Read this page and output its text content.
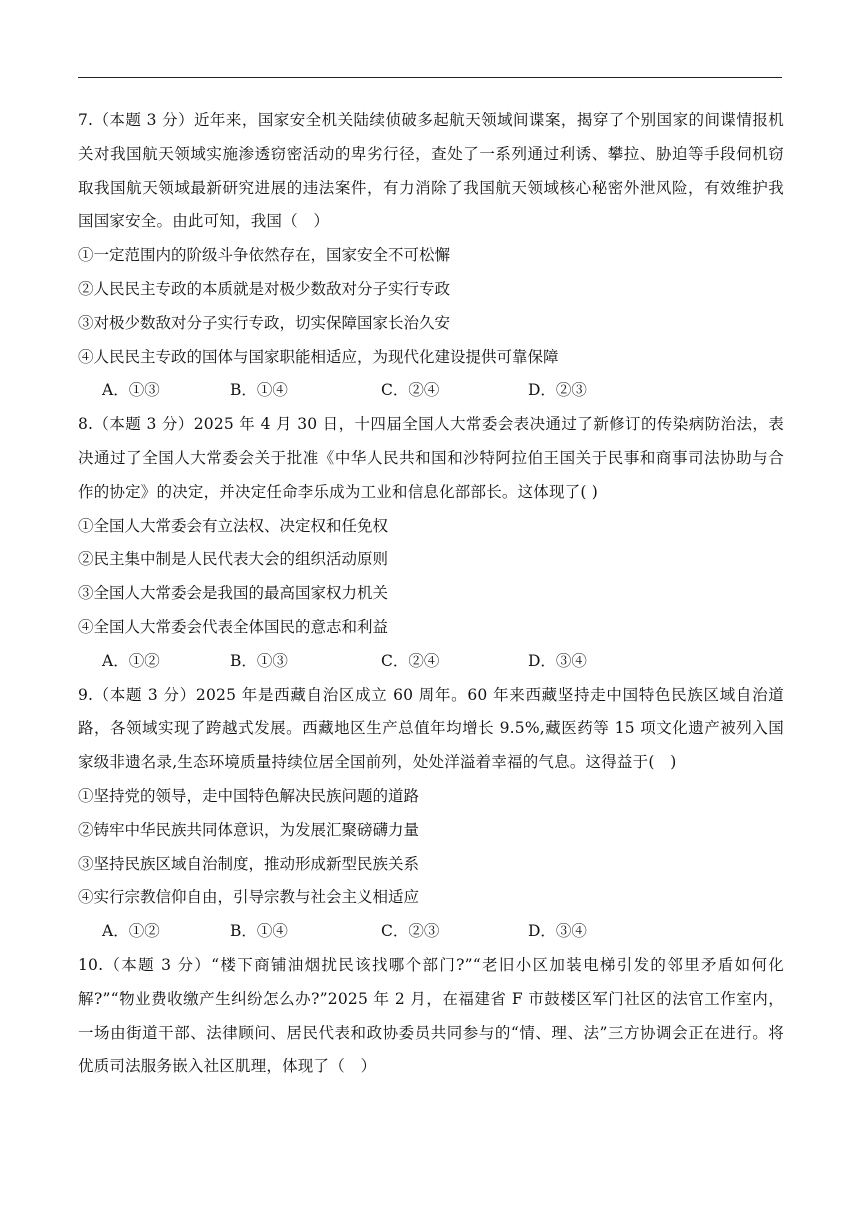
7.（本题 3 分）近年来，国家安全机关陆续侦破多起航天领域间谍案，揭穿了个别国家的间谍情报机关对我国航天领域实施渗透窃密活动的卑劣行径，查处了一系列通过利诱、攀拉、胁迫等手段伺机窃取我国航天领域最新研究进展的违法案件，有力消除了我国航天领域核心秘密外泄风险，有效维护我国国家安全。由此可知，我国（　）

①一定范围内的阶级斗争依然存在，国家安全不可松懈

②人民民主专政的本质就是对极少数敌对分子实行专政

③对极少数敌对分子实行专政，切实保障国家长治久安

④人民民主专政的国体与国家职能相适应，为现代化建设提供可靠保障

A．①③	B．①④	C．②④	D．②③

8.（本题 3 分）2025 年 4 月 30 日，十四届全国人大常委会表决通过了新修订的传染病防治法，表决通过了全国人大常委会关于批准《中华人民共和国和沙特阿拉伯王国关于民事和商事司法协助与合作的协定》的决定，并决定任命李乐成为工业和信息化部部长。这体现了( )

①全国人大常委会有立法权、决定权和任免权

②民主集中制是人民代表大会的组织活动原则

③全国人大常委会是我国的最高国家权力机关

④全国人大常委会代表全体国民的意志和利益

A．①②	B．①③	C．②④	D．③④

9.（本题 3 分）2025 年是西藏自治区成立 60 周年。60 年来西藏坚持走中国特色民族区域自治道路，各领域实现了跨越式发展。西藏地区生产总值年均增长 9.5%,藏医药等 15 项文化遗产被列入国家级非遗名录,生态环境质量持续位居全国前列，处处洋溢着幸福的气息。这得益于(　)

①坚持党的领导，走中国特色解决民族问题的道路

②铸牢中华民族共同体意识，为发展汇聚磅礴力量

③坚持民族区域自治制度，推动形成新型民族关系

④实行宗教信仰自由，引导宗教与社会主义相适应

A．①②	B．①④	C．②③	D．③④

10.（本题 3 分）“楼下商铺油烟扰民该找哪个部门?”“老旧小区加装电梯引发的邻里矛盾如何化解?”“物业费收缴产生纠纷怎么办?”2025 年 2 月，在福建省 F 市鼓楼区军门社区的法官工作室内，一场由街道干部、法律顾问、居民代表和政协委员共同参与的“情、理、法”三方协调会正在进行。将优质司法服务嵌入社区肌理，体现了（　）
